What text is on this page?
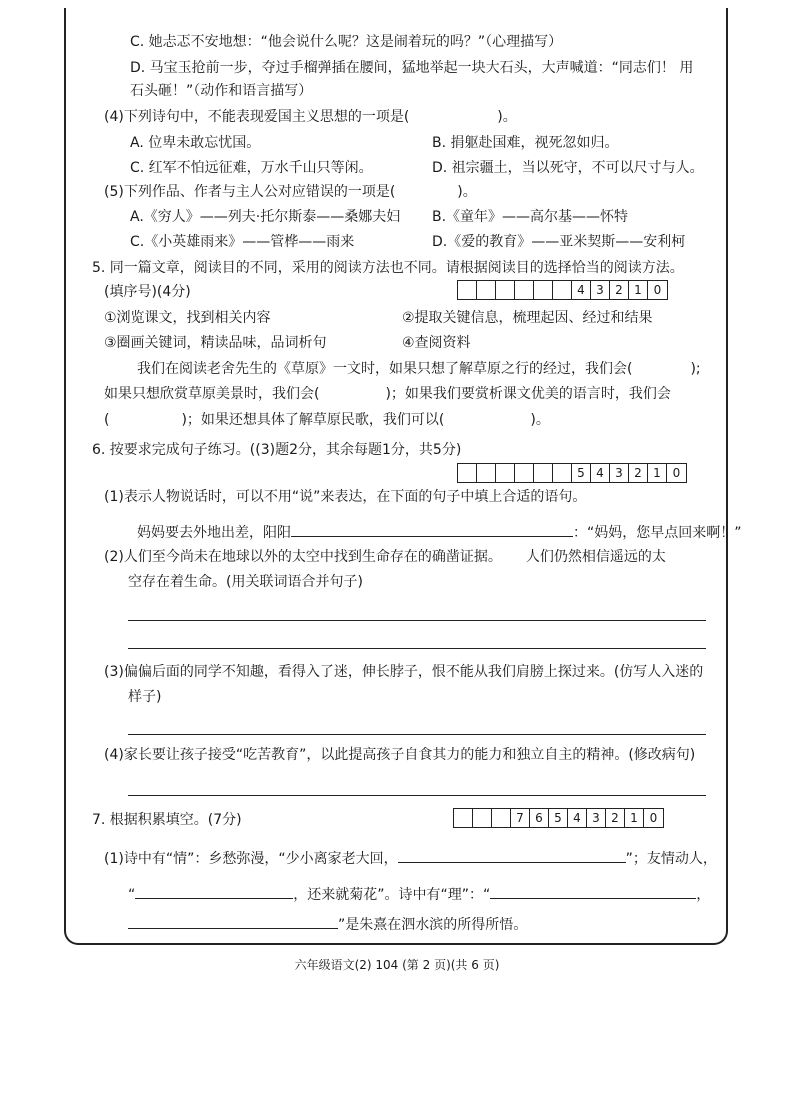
C. 她忐忑不安地想：“他会说什么呢？这是闹着玩的吗？”（心理描写）
D. 马宝玉抢前一步，夺过手榴弹插在腰间，猛地举起一块大石头，大声喊道：“同志们！ 用
石头砸！”（动作和语言描写）
(4)下列诗句中，不能表现爱国主义思想的一项是(	)。
A. 位卑未敢忘忧国。	B. 捐躯赴国难，视死忽如归。
C. 红军不怕远征难，万水千山只等闲。	D. 祖宗疆土，当以死守，不可以尺寸与人。
(5)下列作品、作者与主人公对应错误的一项是(	)。
A.《穷人》——列夫·托尔斯泰——桑娜夫妇 B.《童年》——高尔基——怀特
C.《小英雄雨来》——管桦——雨来	D.《爱的教育》——亚米契斯——安利柯
5. 同一篇文章，阅读目的不同，采用的阅读方法也不同。请根据阅读目的选择恰当的阅读方法。
(填序号)(4分)	4 3 2 1 0
①浏览课文，找到相关内容	②提取关键信息，梳理起因、经过和结果
③圈画关键词，精读品味，品词析句	④查阅资料
我们在阅读老舍先生的《草原》一文时，如果只想了解草原之行的经过，我们会(	);
如果只想欣赏草原美景时，我们会(	)；如果我们要赏析课文优美的语言时，我们会
(	)；如果还想具体了解草原民歌，我们可以(	)。
6. 按要求完成句子练习。((3)题2分，其余每题1分，共5分)
5 4 3 2 1 0
(1)表示人物说话时，可以不用“说”来表达，在下面的句子中填上合适的语句。
妈妈要去外地出差，阳阳	：“妈妈，您早点回来啊！”
(2)人们至今尚未在地球以外的太空中找到生命存在的确凿证据。 人们仍然相信遥远的太
空存在着生命。(用关联词语合并句子)
(3)偏偏后面的同学不知趣，看得入了迷，伸长脖子，恨不能从我们肩膀上探过来。(仿写人入迷的
样子)
(4)家长要让孩子接受“吃苦教育”，以此提高孩子自食其力的能力和独立自主的精神。(修改病句)
7. 根据积累填空。(7分)	7 6 5 4 3 2 1 0
(1)诗中有“情”：乡愁弥漫，“少小离家老大回，	”；友情动人，
“	，还来就菊花”。诗中有“理”：“	，
”是朱熹在泗水滨的所得所悟。
六年级语文(2) 104 (第 2 页)(共 6 页)
